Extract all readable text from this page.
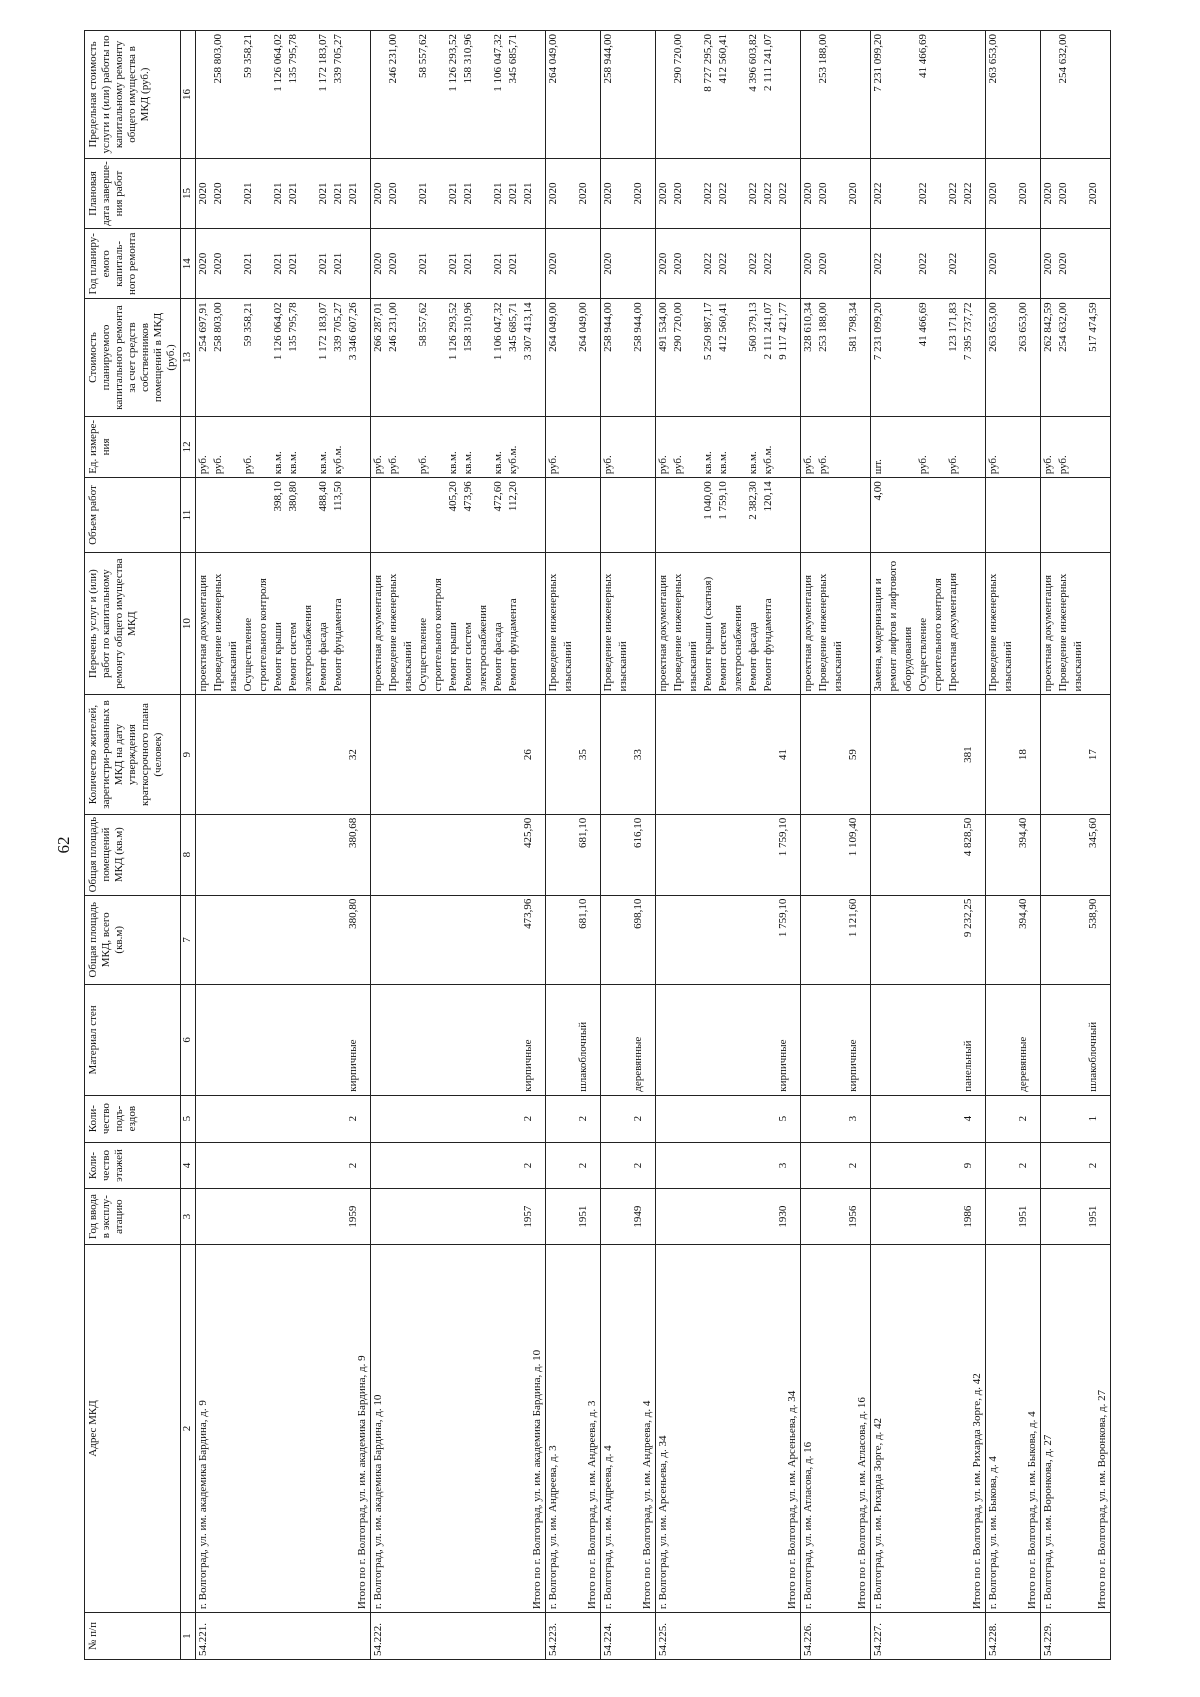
62
№ п/п	Адрес МКД	Год ввода в эксплу-атацию	Коли-чество этажей	Коли-чество подъ-ездов	Материал стен	Общая площадь МКД, всего (кв.м)	Общая площадь помещений МКД (кв.м)	Количество жителей, зарегистри-рованных в МКД на дату утверждения краткосрочного плана (человек)	Перечень услуг и (или) работ по капитальному ремонту общего имущества МКД	Объем работ	Ед. измере-ния	Стоимость планируемого капитального ремонта за счет средств собственников помещений в МКД (руб.)	Год планиру-емого капиталь-ного ремонта	Плановая дата заверше-ния работ	Предельная стоимость услуги и (или) работы по капитальному ремонту общего имущества в МКД (руб.)
1	2	3	4	5	6	7	8	9	10	11	12	13	14	15	16
54.221.	г. Волгоград, ул. им. академика Бардина, д. 9								проектная документация		руб.	254 697,91	2020	2020	
									Проведение инженерных		руб.	258 803,00	2020	2020	258 803,00
									изысканий						
									Осуществление		руб.	59 358,21	2021	2021	59 358,21
									строительного контроля						
									Ремонт крыши	398,10	кв.м.	1 126 064,02	2021	2021	1 126 064,02
									Ремонт систем	380,80	кв.м.	135 795,78	2021	2021	135 795,78
									электроснабжения						
									Ремонт фасада	488,40	кв.м.	1 172 183,07	2021	2021	1 172 183,07
									Ремонт фундамента	113,50	куб.м.	339 705,27	2021	2021	339 705,27
	Итого по г. Волгоград, ул. им. академика Бардина, д. 9	1959	2	2	кирпичные	380,80	380,68	32				3 346 607,26		2021	
54.222.	г. Волгоград, ул. им. академика Бардина, д. 10								проектная документация		руб.	266 287,01	2020	2020	
									Проведение инженерных		руб.	246 231,00	2020	2020	246 231,00
									изысканий						
									Осуществление		руб.	58 557,62	2021	2021	58 557,62
									строительного контроля						
									Ремонт крыши	405,20	кв.м.	1 126 293,52	2021	2021	1 126 293,52
									Ремонт систем	473,96	кв.м.	158 310,96	2021	2021	158 310,96
									электроснабжения						
									Ремонт фасада	472,60	кв.м.	1 106 047,32	2021	2021	1 106 047,32
									Ремонт фундамента	112,20	куб.м.	345 685,71	2021	2021	345 685,71
	Итого по г. Волгоград, ул. им. академика Бардина, д. 10	1957	2	2	кирпичные	473,96	425,90	26				3 307 413,14		2021	
54.223.	г. Волгоград, ул. им. Андреева, д. 3								Проведение инженерных		руб.	264 049,00	2020	2020	264 049,00
									изысканий						
	Итого по г. Волгоград, ул. им. Андреева, д. 3	1951	2	2	шлакоблочный	681,10	681,10	35				264 049,00		2020	
54.224.	г. Волгоград, ул. им. Андреева, д. 4								Проведение инженерных		руб.	258 944,00	2020	2020	258 944,00
									изысканий						
	Итого по г. Волгоград, ул. им. Андреева, д. 4	1949	2	2	деревянные	698,10	616,10	33				258 944,00		2020	
54.225.	г. Волгоград, ул. им. Арсеньева, д. 34								проектная документация		руб.	491 534,00	2020	2020	
									Проведение инженерных		руб.	290 720,00	2020	2020	290 720,00
									изысканий						
									Ремонт крыши (скатная)	1 040,00	кв.м.	5 250 987,17	2022	2022	8 727 295,20
									Ремонт систем	1 759,10	кв.м.	412 560,41	2022	2022	412 560,41
									электроснабжения						
									Ремонт фасада	2 382,30	кв.м.	560 379,13	2022	2022	4 396 603,82
									Ремонт фундамента	120,14	куб.м.	2 111 241,07	2022	2022	2 111 241,07
	Итого по г. Волгоград, ул. им. Арсеньева, д. 34	1930	3	5	кирпичные	1 759,10	1 759,10	41				9 117 421,77		2022	
54.226.	г. Волгоград, ул. им. Атласова, д. 16								проектная документация		руб.	328 610,34	2020	2020	
									Проведение инженерных		руб.	253 188,00	2020	2020	253 188,00
									изысканий						
	Итого по г. Волгоград, ул. им. Атласова, д. 16	1956	2	3	кирпичные	1 121,60	1 109,40	59				581 798,34		2020	
54.227.	г. Волгоград, ул. им. Рихарда Зорге, д. 42								Замена, модернизация и	4,00	шт.	7 231 099,20	2022	2022	7 231 099,20
									ремонт лифтов и лифтового						
									оборудования						
									Осуществление		руб.	41 466,69	2022	2022	41 466,69
									строительного контроля						
									Проектная документация		руб.	123 171,83	2022	2022	
	Итого по г. Волгоград, ул. им. Рихарда Зорге, д. 42	1986	9	4	панельный	9 232,25	4 828,50	381				7 395 737,72		2022	
54.228.	г. Волгоград, ул. им. Быкова, д. 4								Проведение инженерных		руб.	263 653,00	2020	2020	263 653,00
									изысканий						
	Итого по г. Волгоград, ул. им. Быкова, д. 4	1951	2	2	деревянные	394,40	394,40	18				263 653,00		2020	
54.229.	г. Волгоград, ул. им. Воронкова, д. 27								проектная документация		руб.	262 842,59	2020	2020	
									Проведение инженерных		руб.	254 632,00	2020	2020	254 632,00
									изысканий						
	Итого по г. Волгоград, ул. им. Воронкова, д. 27	1951	2	1	шлакоблочный	538,90	345,60	17				517 474,59		2020	
